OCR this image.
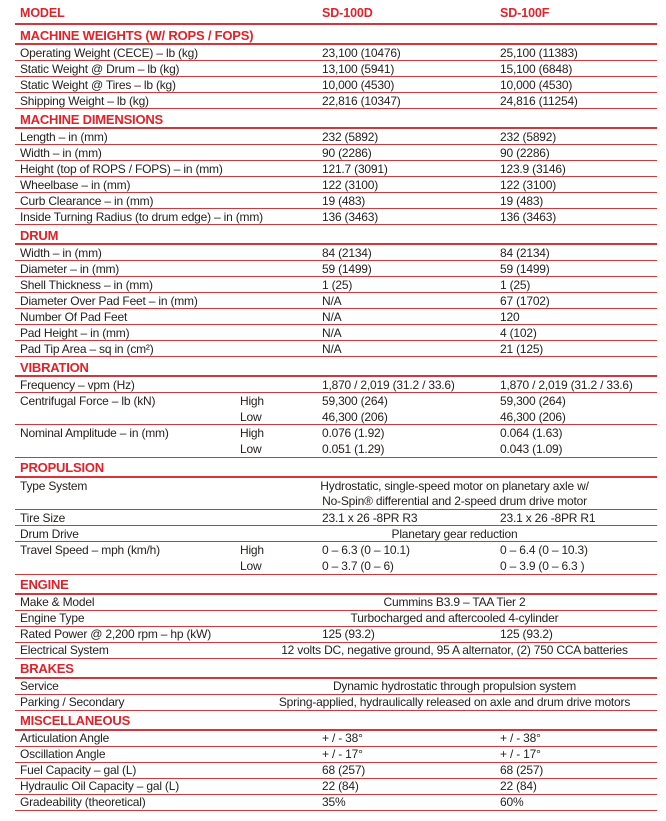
MODEL	SD-100D	SD-100F
MACHINE WEIGHTS (W/ ROPS / FOPS)
Operating Weight (CECE) – lb (kg)	23,100 (10476)	25,100 (11383)
Static Weight @ Drum – lb (kg)	13,100 (5941)	15,100 (6848)
Static Weight @ Tires – lb (kg)	10,000 (4530)	10,000 (4530)
Shipping Weight – lb (kg)	22,816 (10347)	24,816 (11254)
MACHINE DIMENSIONS
Length – in (mm)	232 (5892)	232 (5892)
Width – in (mm)	90 (2286)	90 (2286)
Height (top of ROPS / FOPS) – in (mm)	121.7 (3091)	123.9 (3146)
Wheelbase – in (mm)	122 (3100)	122 (3100)
Curb Clearance – in (mm)	19 (483)	19 (483)
Inside Turning Radius (to drum edge) – in (mm)	136 (3463)	136 (3463)
DRUM
Width – in (mm)	84 (2134)	84 (2134)
Diameter – in (mm)	59 (1499)	59 (1499)
Shell Thickness – in (mm)	1 (25)	1 (25)
Diameter Over Pad Feet – in (mm)	N/A	67 (1702)
Number Of Pad Feet	N/A	120
Pad Height – in (mm)	N/A	4 (102)
Pad Tip Area – sq in (cm²)	N/A	21 (125)
VIBRATION
Frequency – vpm (Hz)	1,870 / 2,019 (31.2 / 33.6)	1,870 / 2,019 (31.2 / 33.6)
Centrifugal Force – lb (kN)	High	59,300 (264)	59,300 (264)
Low	46,300 (206)	46,300 (206)
Nominal Amplitude – in (mm)	High	0.076 (1.92)	0.064 (1.63)
Low	0.051 (1.29)	0.043 (1.09)
PROPULSION
Type System	Hydrostatic, single-speed motor on planetary axle w/
No-Spin® differential and 2-speed drum drive motor
Tire Size	23.1 x 26 -8PR R3	23.1 x 26 -8PR R1
Drum Drive	Planetary gear reduction
Travel Speed – mph (km/h)	High	0 – 6.3 (0 – 10.1)	0 – 6.4 (0 – 10.3)
Low	0 – 3.7 (0 – 6)	0 – 3.9 (0 – 6.3 )
ENGINE
Make & Model	Cummins B3.9 – TAA Tier 2
Engine Type	Turbocharged and aftercooled 4-cylinder
Rated Power @ 2,200 rpm – hp (kW)	125 (93.2)	125 (93.2)
Electrical System	12 volts DC, negative ground, 95 A alternator, (2) 750 CCA batteries
BRAKES
Service	Dynamic hydrostatic through propulsion system
Parking / Secondary	Spring-applied, hydraulically released on axle and drum drive motors
MISCELLANEOUS
Articulation Angle	+ / - 38°	+ / - 38°
Oscillation Angle	+ / - 17°	+ / - 17°
Fuel Capacity – gal (L)	68 (257)	68 (257)
Hydraulic Oil Capacity – gal (L)	22 (84)	22 (84)
Gradeability (theoretical)	35%	60%
